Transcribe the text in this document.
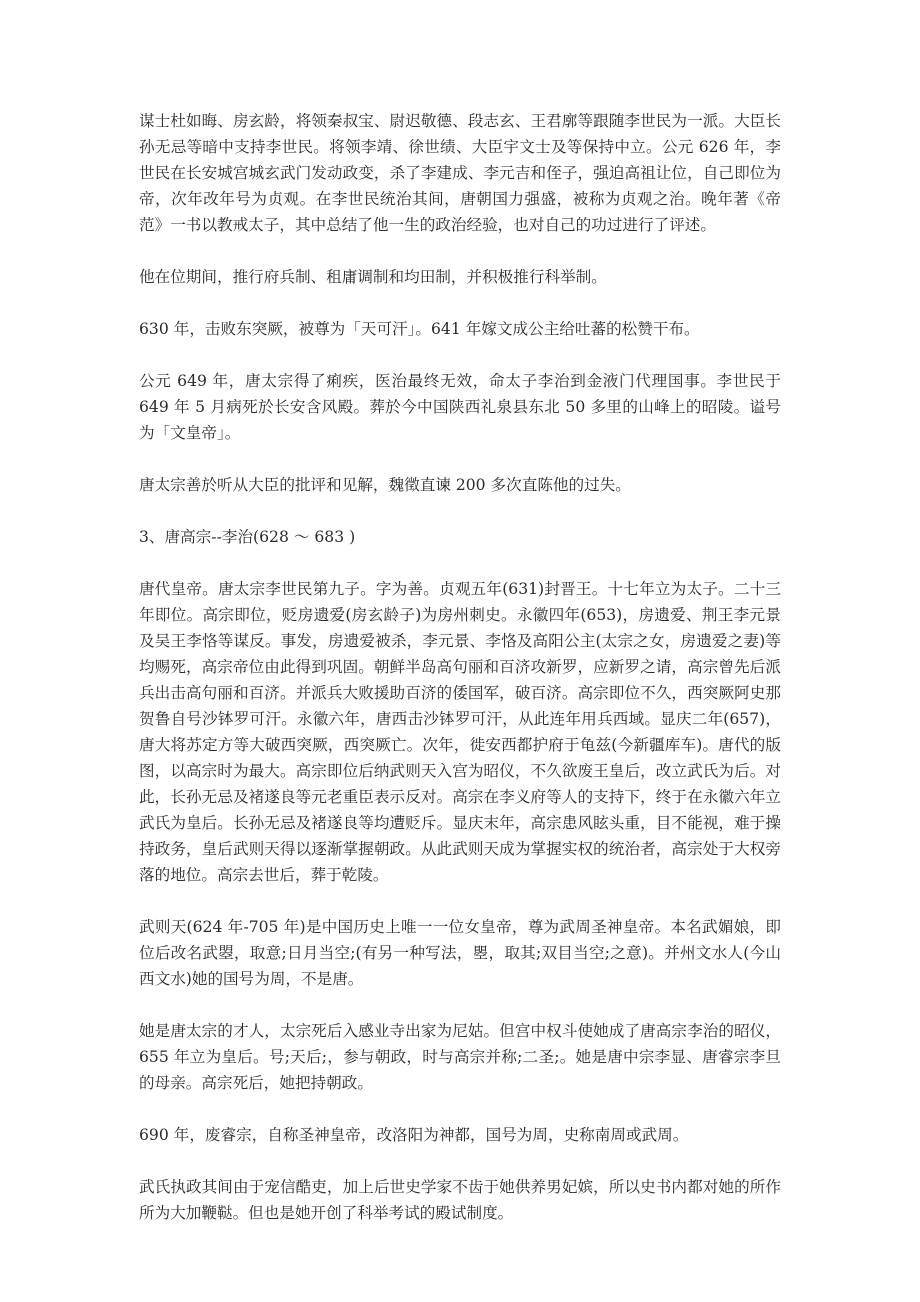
谋士杜如晦、房玄龄，将领秦叔宝、尉迟敬德、段志玄、王君廓等跟随李世民为一派。大臣长孙无忌等暗中支持李世民。将领李靖、徐世绩、大臣宇文士及等保持中立。公元 626 年，李世民在长安城宫城玄武门发动政变，杀了李建成、李元吉和侄子，强迫高祖让位，自己即位为帝，次年改年号为贞观。在李世民统治其间，唐朝国力强盛，被称为贞观之治。晚年著《帝范》一书以教戒太子，其中总结了他一生的政治经验，也对自己的功过进行了评述。

他在位期间，推行府兵制、租庸调制和均田制，并积极推行科举制。

630 年，击败东突厥，被尊为「天可汗」。641 年嫁文成公主给吐蕃的松赞干布。

公元 649 年，唐太宗得了痢疾，医治最终无效，命太子李治到金液门代理国事。李世民于 649 年 5 月病死於长安含风殿。葬於今中国陕西礼泉县东北 50 多里的山峰上的昭陵。谥号为「文皇帝」。

唐太宗善於听从大臣的批评和见解，魏徵直谏 200 多次直陈他的过失。

3、唐高宗--李治(628 ～ 683 )

唐代皇帝。唐太宗李世民第九子。字为善。贞观五年(631)封晋王。十七年立为太子。二十三年即位。高宗即位，贬房遗爱(房玄龄子)为房州刺史。永徽四年(653)，房遗爱、荆王李元景及吴王李恪等谋反。事发，房遗爱被杀，李元景、李恪及高阳公主(太宗之女，房遗爱之妻)等均赐死，高宗帝位由此得到巩固。朝鲜半岛高句丽和百济攻新罗，应新罗之请，高宗曾先后派兵出击高句丽和百济。并派兵大败援助百济的倭国军，破百济。高宗即位不久，西突厥阿史那贺鲁自号沙钵罗可汗。永徽六年，唐西击沙钵罗可汗，从此连年用兵西域。显庆二年(657)，唐大将苏定方等大破西突厥，西突厥亡。次年，徙安西都护府于龟兹(今新疆库车)。唐代的版图，以高宗时为最大。高宗即位后纳武则天入宫为昭仪，不久欲废王皇后，改立武氏为后。对此，长孙无忌及褚遂良等元老重臣表示反对。高宗在李义府等人的支持下，终于在永徽六年立武氏为皇后。长孙无忌及褚遂良等均遭贬斥。显庆末年，高宗患风眩头重，目不能视，难于操持政务，皇后武则天得以逐渐掌握朝政。从此武则天成为掌握实权的统治者，高宗处于大权旁落的地位。高宗去世后，葬于乾陵。

武则天(624 年-705 年)是中国历史上唯一一位女皇帝，尊为武周圣神皇帝。本名武媚娘，即位后改名武曌，取意;日月当空;(有另一种写法，瞾，取其;双目当空;之意)。并州文水人(今山西文水)她的国号为周，不是唐。

她是唐太宗的才人，太宗死后入感业寺出家为尼姑。但宫中权斗使她成了唐高宗李治的昭仪，655 年立为皇后。号;天后;，参与朝政，时与高宗并称;二圣;。她是唐中宗李显、唐睿宗李旦的母亲。高宗死后，她把持朝政。

690 年，废睿宗，自称圣神皇帝，改洛阳为神都，国号为周，史称南周或武周。

武氏执政其间由于宠信酷吏，加上后世史学家不齿于她供养男妃嫔，所以史书内都对她的所作所为大加鞭鞑。但也是她开创了科举考试的殿试制度。
